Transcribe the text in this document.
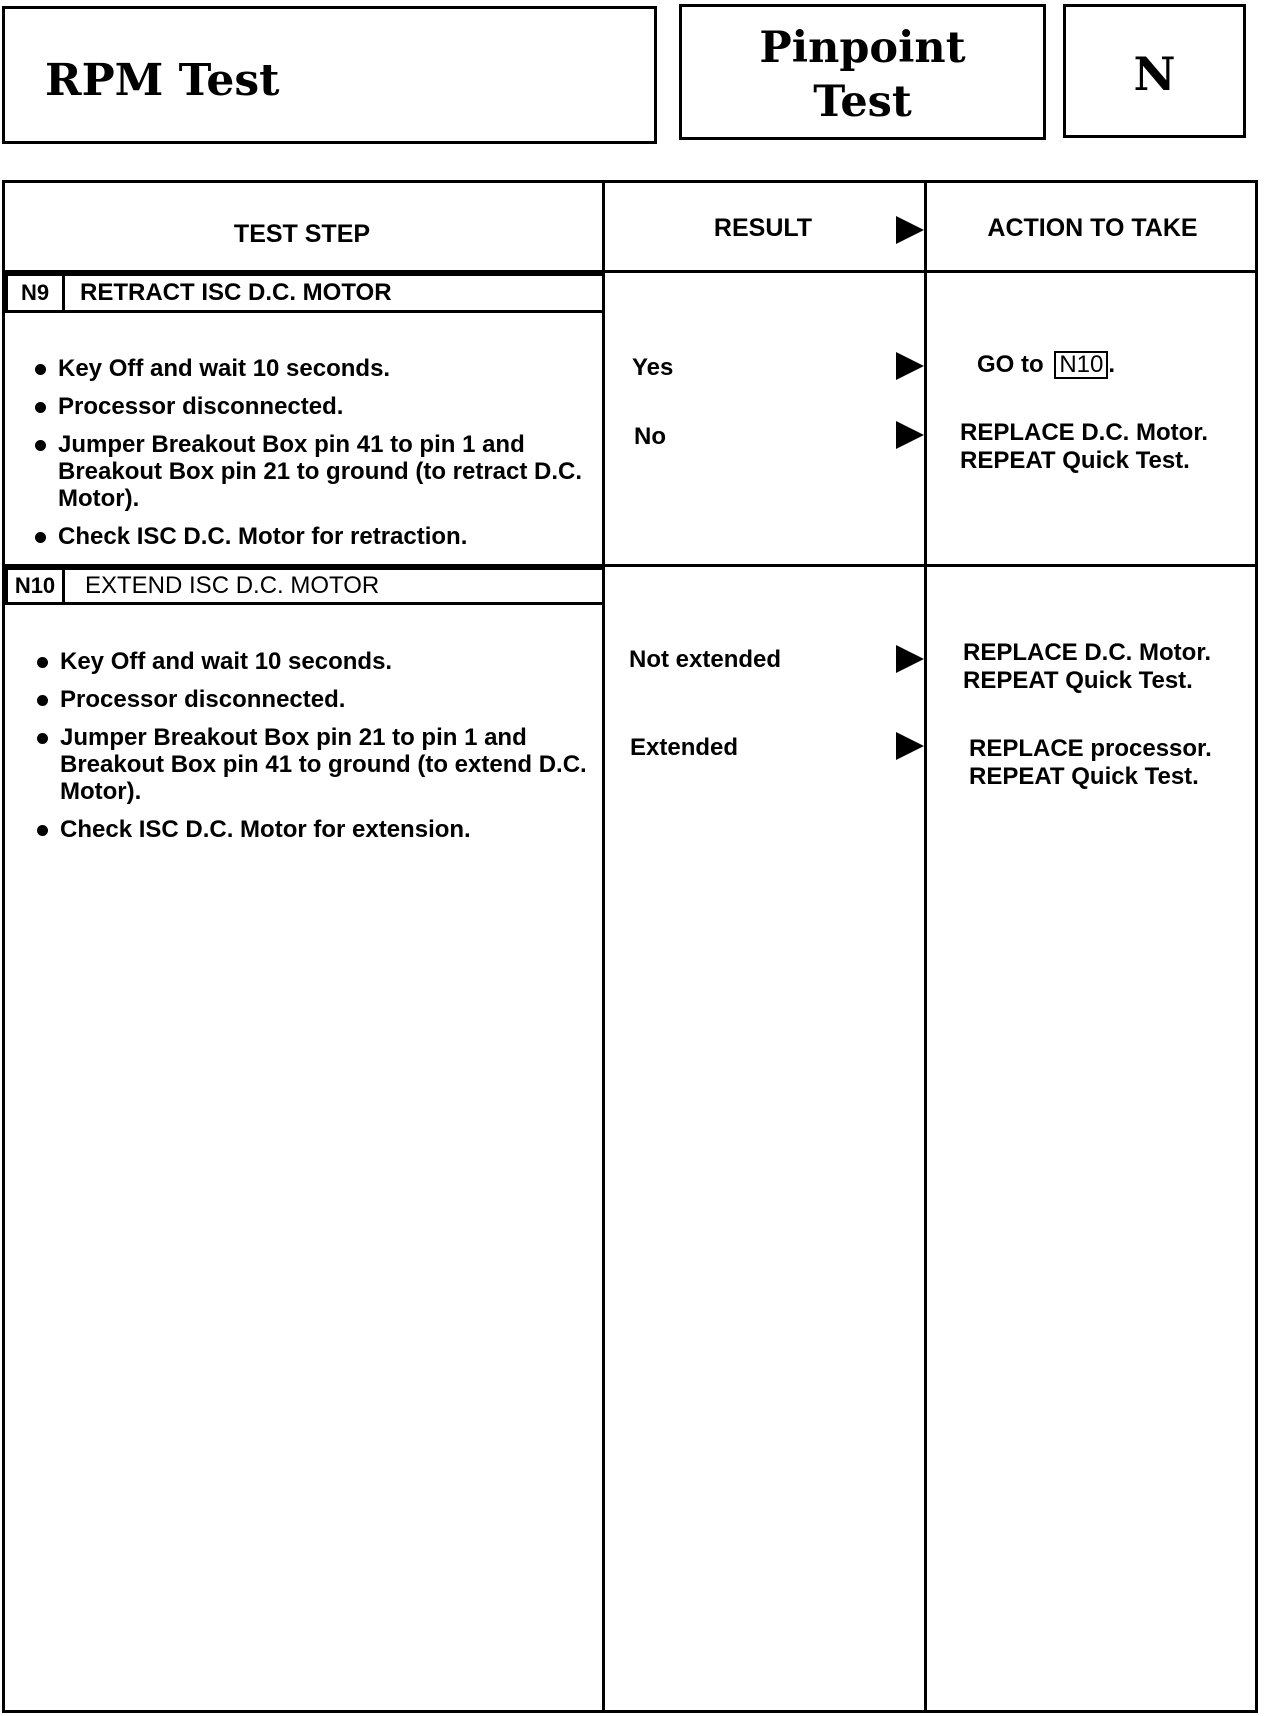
RPM Test
Pinpoint
Test
N
TEST STEP	RESULT	ACTION TO TAKE
N9	RETRACT ISC D.C. MOTOR
Key Off and wait 10 seconds.
Processor disconnected.
Jumper Breakout Box pin 41 to pin 1 and Breakout Box pin 21 to ground (to retract D.C. Motor).
Check ISC D.C. Motor for retraction.
Yes	GO to N10 .
No	REPLACE D.C. Motor.
REPEAT Quick Test.
N10	EXTEND ISC D.C. MOTOR
Key Off and wait 10 seconds.
Processor disconnected.
Jumper Breakout Box pin 21 to pin 1 and Breakout Box pin 41 to ground (to extend D.C. Motor).
Check ISC D.C. Motor for extension.
Not extended	REPLACE D.C. Motor.
REPEAT Quick Test.
Extended	REPLACE processor.
REPEAT Quick Test.
